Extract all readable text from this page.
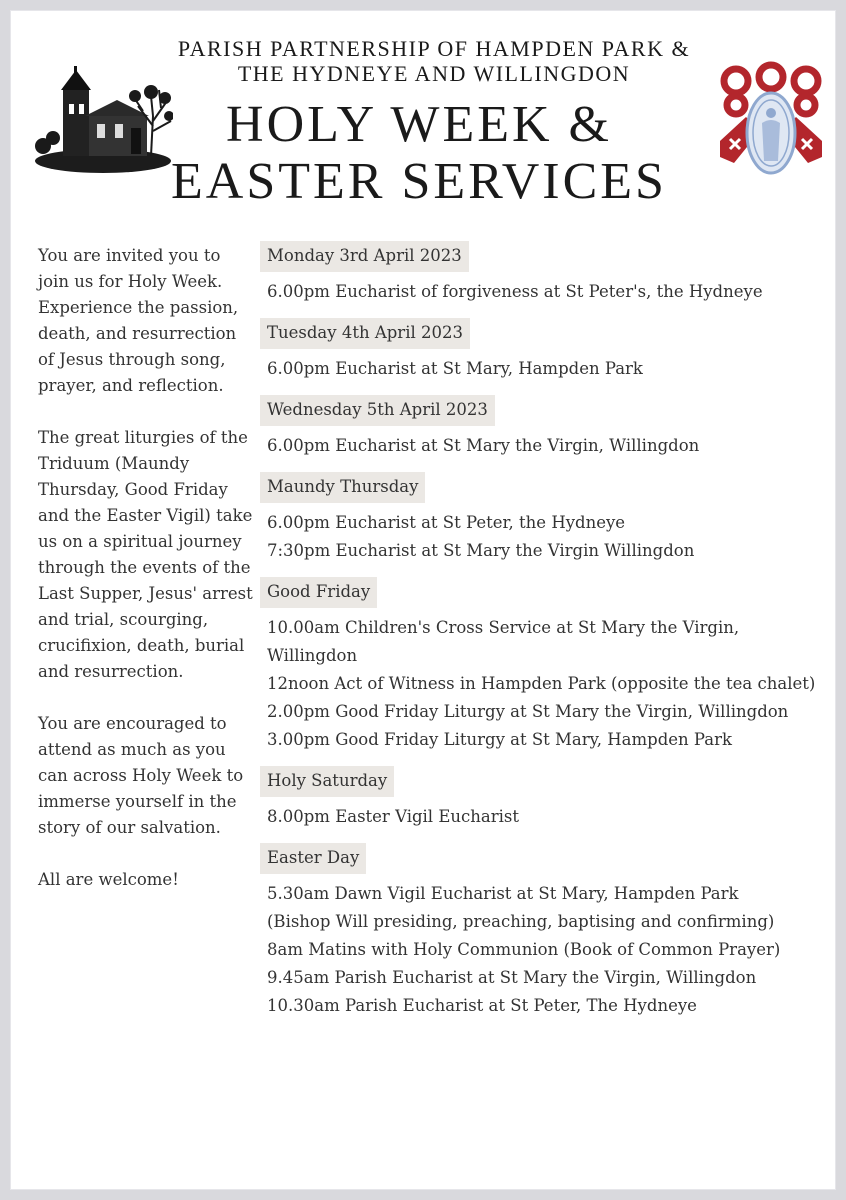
PARISH PARTNERSHIP OF HAMPDEN PARK &
THE HYDNEYE AND WILLINGDON
HOLY WEEK &
EASTER SERVICES

You are invited you to join us for Holy Week. Experience the passion, death, and resurrection of Jesus through song, prayer, and reflection.

The great liturgies of the Triduum (Maundy Thursday, Good Friday and the Easter Vigil) take us on a spiritual journey through the events of the Last Supper, Jesus' arrest and trial, scourging, crucifixion, death, burial and resurrection.

You are encouraged to attend as much as you can across Holy Week to immerse yourself in the story of our salvation.

All are welcome!

Monday 3rd April 2023
6.00pm Eucharist of forgiveness at St Peter's, the Hydneye
Tuesday 4th April 2023
6.00pm Eucharist at St Mary, Hampden Park
Wednesday 5th April 2023
6.00pm Eucharist at St Mary the Virgin, Willingdon
Maundy Thursday
6.00pm Eucharist at St Peter, the Hydneye
7:30pm Eucharist at St Mary the Virgin Willingdon
Good Friday
10.00am Children's Cross Service at St Mary the Virgin, Willingdon
12noon Act of Witness in Hampden Park (opposite the tea chalet)
2.00pm Good Friday Liturgy at St Mary the Virgin, Willingdon
3.00pm Good Friday Liturgy at St Mary, Hampden Park
Holy Saturday
8.00pm Easter Vigil Eucharist
Easter Day
5.30am Dawn Vigil Eucharist at St Mary, Hampden Park
(Bishop Will presiding, preaching, baptising and confirming)
8am Matins with Holy Communion (Book of Common Prayer)
9.45am Parish Eucharist at St Mary the Virgin, Willingdon
10.30am Parish Eucharist at St Peter, The Hydneye
